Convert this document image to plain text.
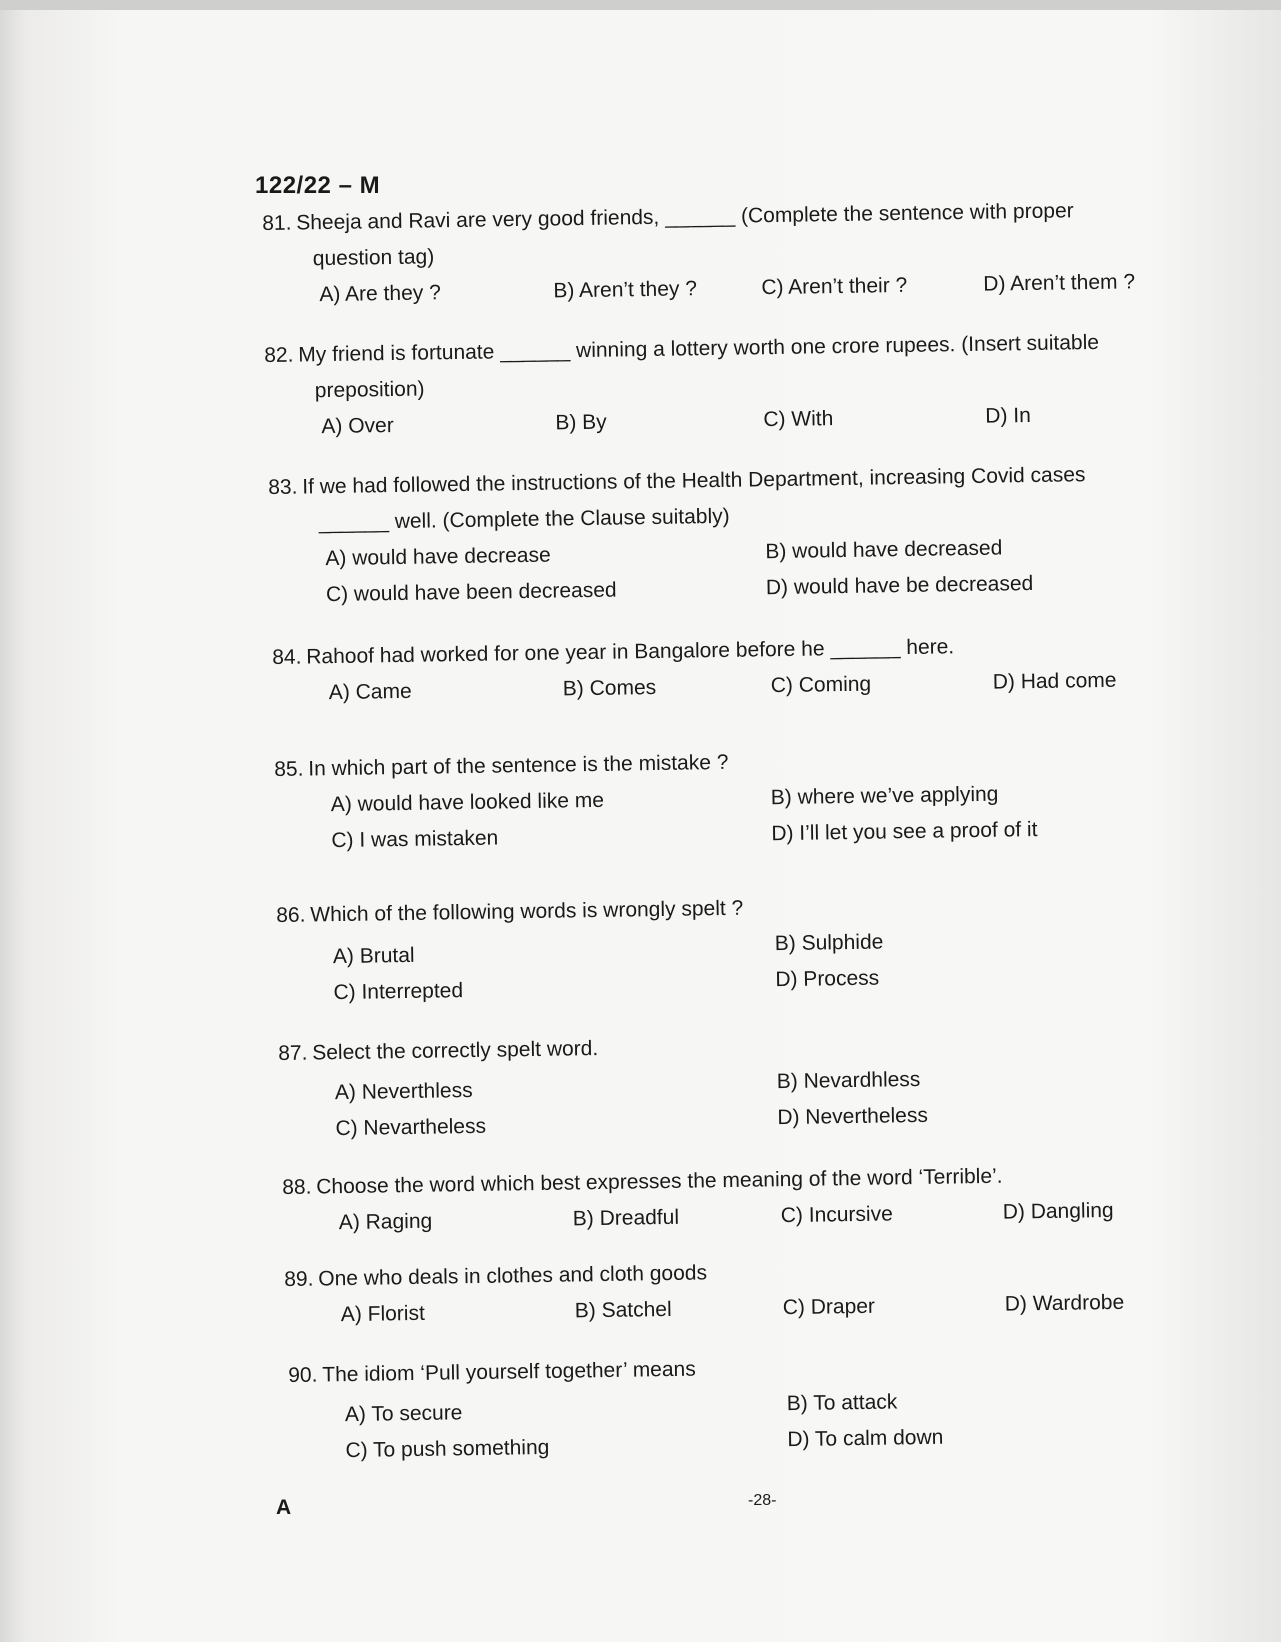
122/22 – M
81. Sheeja and Ravi are very good friends, ______ (Complete the sentence with proper
question tag)
A) Are they ?	B) Aren’t they ?	C) Aren’t their ?	D) Aren’t them ?
82. My friend is fortunate ______ winning a lottery worth one crore rupees. (Insert suitable
preposition)
A) Over	B) By	C) With	D) In
83. If we had followed the instructions of the Health Department, increasing Covid cases
______ well. (Complete the Clause suitably)
A) would have decrease	B) would have decreased
C) would have been decreased	D) would have be decreased
84. Rahoof had worked for one year in Bangalore before he ______ here.
A) Came	B) Comes	C) Coming	D) Had come
85. In which part of the sentence is the mistake ?
A) would have looked like me	B) where we’ve applying
C) I was mistaken	D) I’ll let you see a proof of it
86. Which of the following words is wrongly spelt ?
A) Brutal
B) Sulphide
C) Interrepted
D) Process
87. Select the correctly spelt word.
A) Neverthless	B) Nevardhless
C) Nevartheless	D) Nevertheless
88. Choose the word which best expresses the meaning of the word ‘Terrible’.
A) Raging	B) Dreadful	C) Incursive	D) Dangling
89. One who deals in clothes and cloth goods
A) Florist	B) Satchel	C) Draper	D) Wardrobe
90. The idiom ‘Pull yourself together’ means
A) To secure	B) To attack
C) To push something	D) To calm down
A	-28-
